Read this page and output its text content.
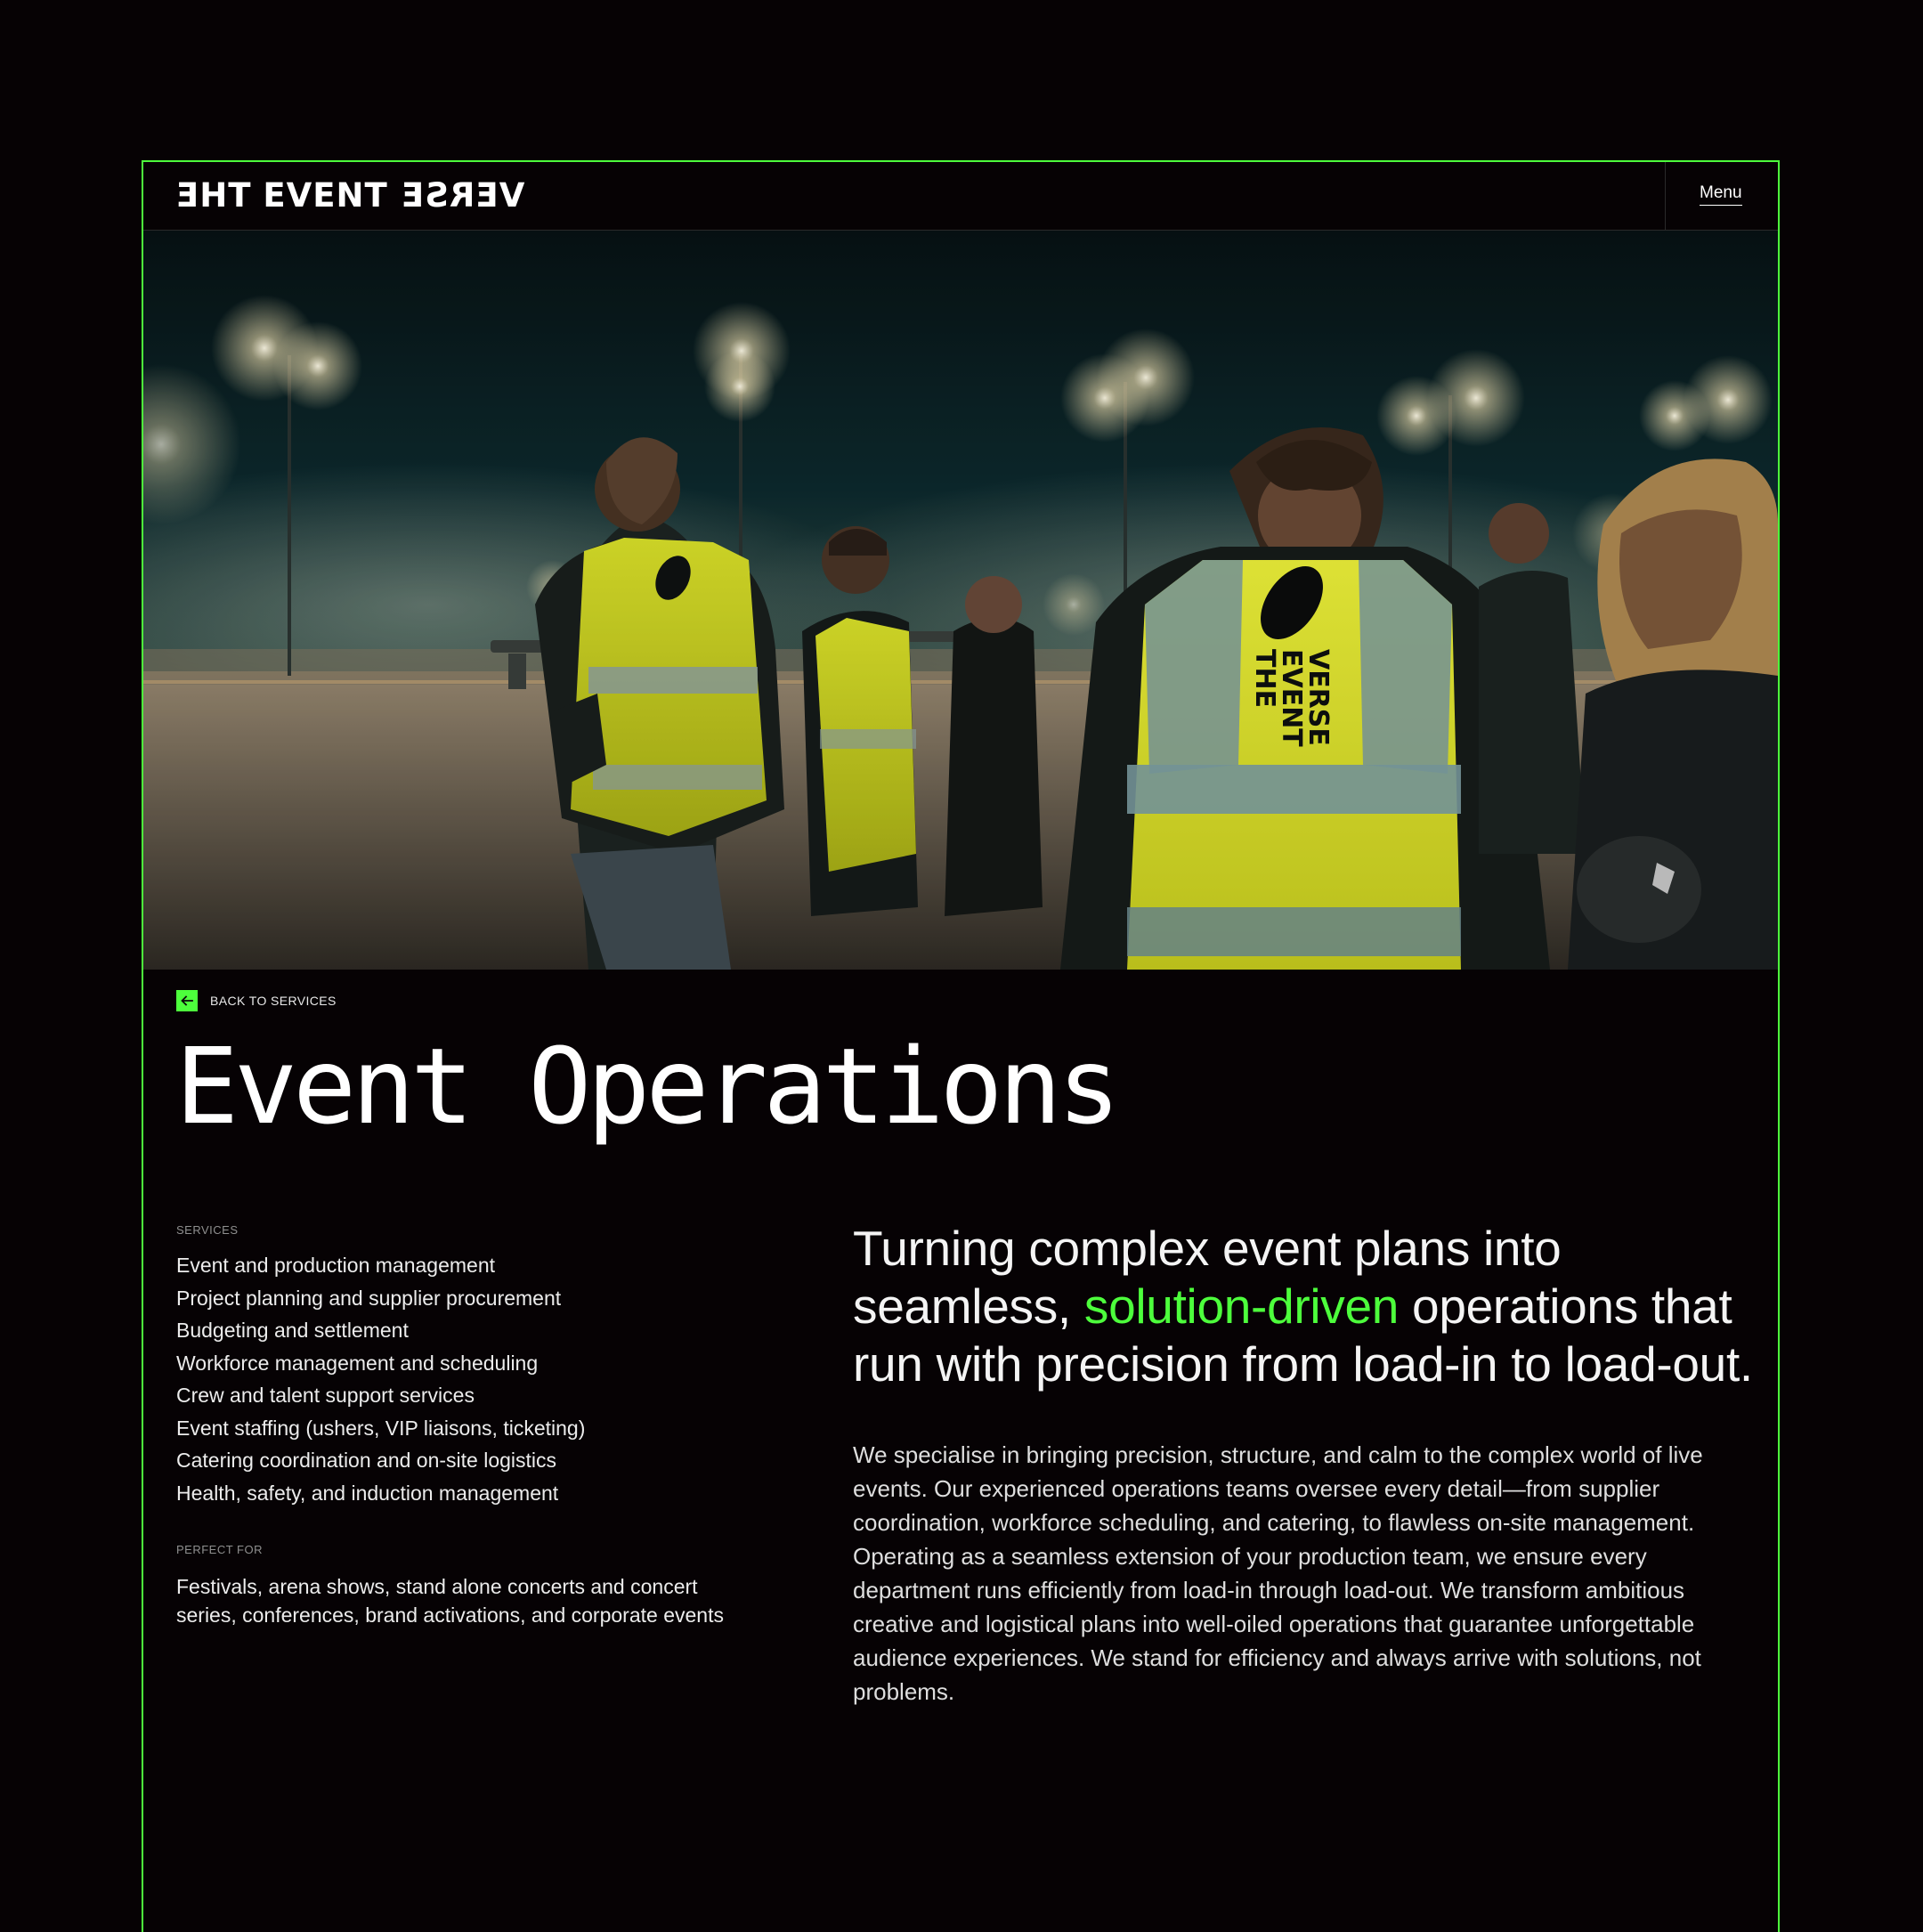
THE EVENT VERSE	Menu
VERSE
EVENT
THE
BACK TO SERVICES
Event Operations
SERVICES
Event and production management
Project planning and supplier procurement
Budgeting and settlement
Workforce management and scheduling
Crew and talent support services
Event staffing (ushers, VIP liaisons, ticketing)
Catering coordination and on-site logistics
Health, safety, and induction management
PERFECT FOR
Festivals, arena shows, stand alone concerts and concert series, conferences, brand activations, and corporate events
Turning complex event plans into seamless, solution-driven operations that run with precision from load-in to load-out.

We specialise in bringing precision, structure, and calm to the complex world of live events. Our experienced operations teams oversee every detail—from supplier coordination, workforce scheduling, and catering, to flawless on-site management. Operating as a seamless extension of your production team, we ensure every department runs efficiently from load-in through load-out. We transform ambitious creative and logistical plans into well-oiled operations that guarantee unforgettable audience experiences. We stand for efficiency and always arrive with solutions, not problems.
